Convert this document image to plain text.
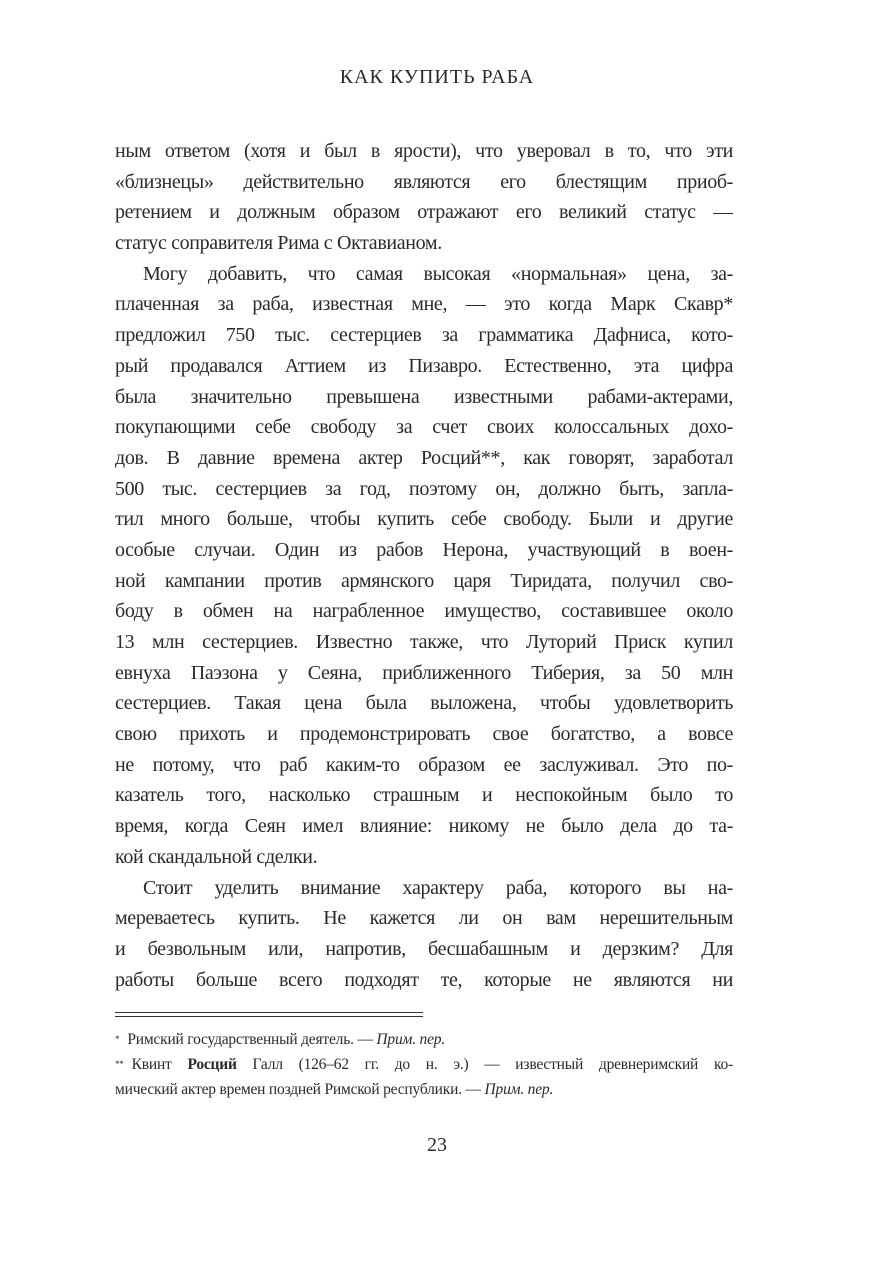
КАК КУПИТЬ РАБА
ным ответом (хотя и был в ярости), что уверовал в то, что эти
«близнецы» действительно являются его блестящим приоб-
ретением и должным образом отражают его великий статус —
статус соправителя Рима с Октавианом.
Могу добавить, что самая высокая «нормальная» цена, за-
плаченная за раба, известная мне, — это когда Марк Скавр*
предложил 750 тыс. сестерциев за грамматика Дафниса, кото-
рый продавался Аттием из Пизавро. Естественно, эта цифра
была значительно превышена известными рабами-актерами,
покупающими себе свободу за счет своих колоссальных дохо-
дов. В давние времена актер Росций**, как говорят, заработал
500 тыс. сестерциев за год, поэтому он, должно быть, запла-
тил много больше, чтобы купить себе свободу. Были и другие
особые случаи. Один из рабов Нерона, участвующий в воен-
ной кампании против армянского царя Тиридата, получил сво-
боду в обмен на награбленное имущество, составившее около
13 млн сестерциев. Известно также, что Луторий Приск купил
евнуха Паэзона у Сеяна, приближенного Тиберия, за 50 млн
сестерциев. Такая цена была выложена, чтобы удовлетворить
свою прихоть и продемонстрировать свое богатство, а вовсе
не потому, что раб каким-то образом ее заслуживал. Это по-
казатель того, насколько страшным и неспокойным было то
время, когда Сеян имел влияние: никому не было дела до та-
кой скандальной сделки.
Стоит уделить внимание характеру раба, которого вы на-
мереваетесь купить. Не кажется ли он вам нерешительным
и безвольным или, напротив, бесшабашным и дерзким? Для
работы больше всего подходят те, которые не являются ни
* Римский государственный деятель. — Прим. пер.
** Квинт Росций Галл (126–62 гг. до н. э.) — известный древнеримский ко-
мический актер времен поздней Римской республики. — Прим. пер.
23
